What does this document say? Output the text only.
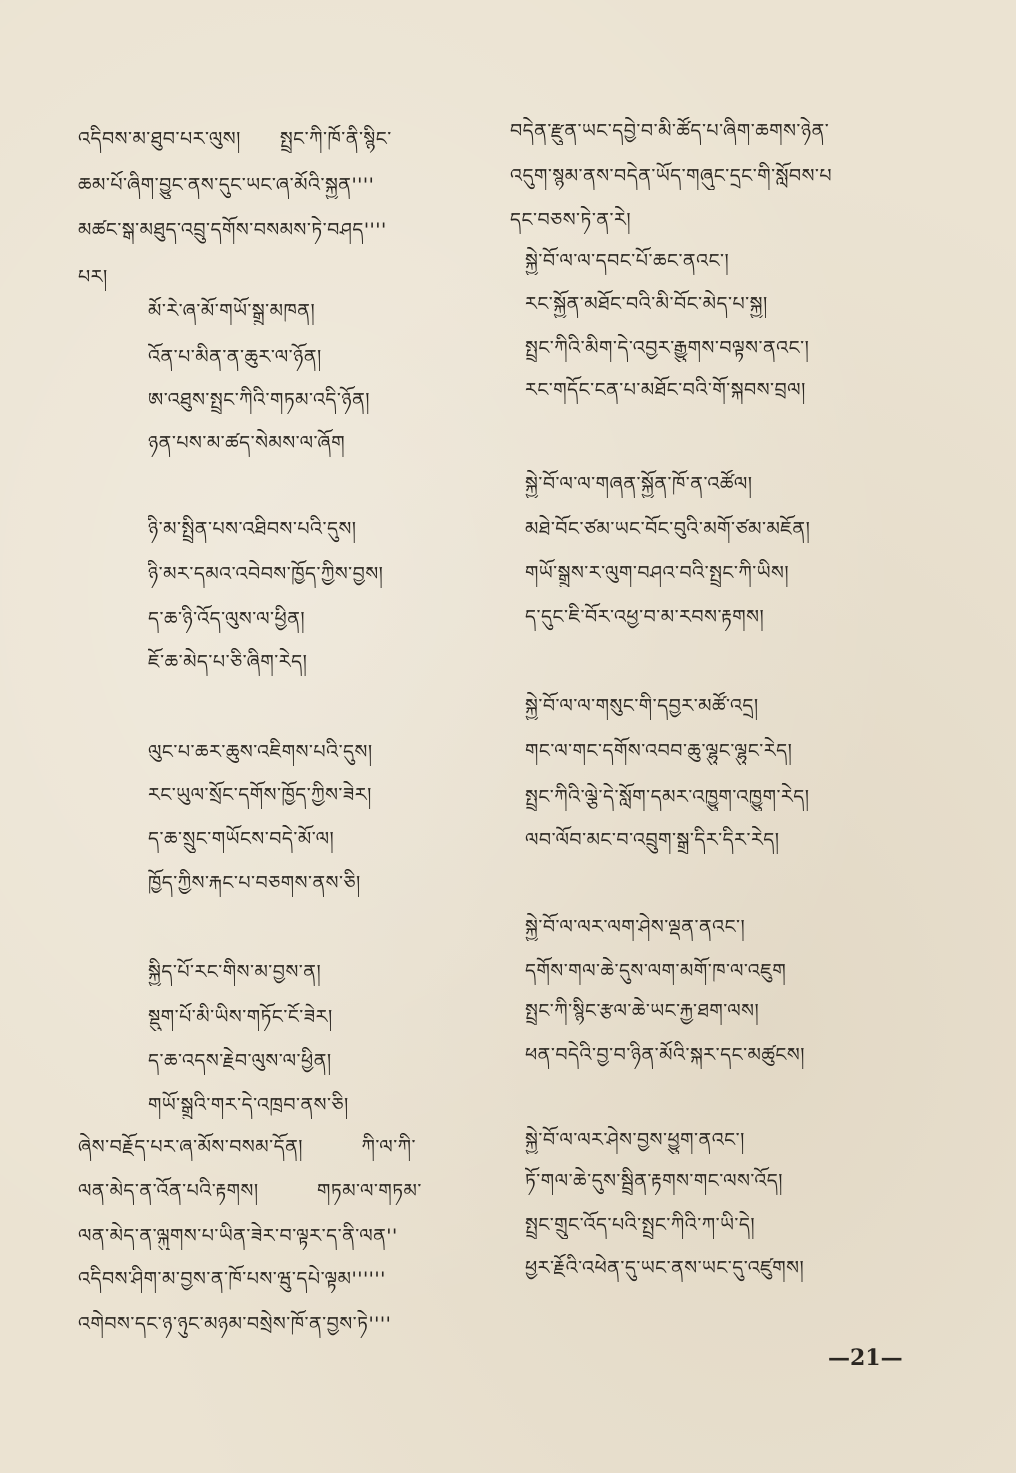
འདིབས་མ་ཐུབ་པར་ལུས།　　སྤྲང་ཀི་ཁོ་ནི་སྙིང་
ཆམ་པོ་ཞིག་བྱུང་ནས་དུང་ཡང་ཞ་མོའི་སྐྱན''''
མཚང་སྒ་མཐུད་འབྲུ་དགོས་བསམས་ཏེ་བཤད''''
པར།
མོ་རེ་ཞ་མོ་གཡོ་སྒྲུ་མཁན།
འོན་པ་མིན་ན་ཆུར་ལ་ཉོན།
ཨ་འཐུས་སྤྲང་ཀིའི་གཏམ་འདི་ཉོན།
ཉན་པས་མ་ཚད་སེམས་ལ་ཞོག
ཉི་མ་སྤྲིན་པས་འཐིབས་པའི་དུས།
ཉི་མར་དམའ་འབེབས་ཁྱོད་ཀྱིས་བྱས།
ད་ཆ་ཉི་འོད་ལུས་ལ་ཕྱིན།
ཇོ་ཆ་མེད་པ་ཅི་ཞིག་རེད།
ལུང་པ་ཆར་ཆུས་འཇིགས་པའི་དུས།
རང་ཡུལ་སྲོང་དགོས་ཁྱོད་ཀྱིས་ཟེར།
ད་ཆ་སྲུང་གཡོངས་བདེ་མོ་ལ།
ཁྱོད་ཀྱིས་རྐང་པ་བཅགས་ནས་ཅི།
སྐྱིད་པོ་རང་གིས་མ་བྱས་ན།
སྡུག་པོ་མི་ཡིས་གཏོང་ངོ་ཟེར།
ད་ཆ་འདས་རྗེབ་ལུས་ལ་ཕྱིན།
གཡོ་སྒྲུའི་གར་དེ་འཁྲབ་ནས་ཅི།
ཞེས་བརྗོད་པར་ཞ་མོས་བསམ་དོན།　　　ཀི་ལ་ཀི་
ལན་མེད་ན་འོན་པའི་རྟགས།　　　གཏམ་ལ་གཏམ་
ལན་མེད་ན་ལྐུགས་པ་ཡིན་ཟེར་བ་ལྟར་ད་ནི་ལན''
འདིབས་ཤིག་མ་བྱས་ན་ཁོ་པས་ཝུ་དཔེ་ལྟམ''''''
འགེབས་དང་ཉ་ཉུང་མཉམ་བསྲེས་ཁོ་ན་བྱས་ཏེ''''
བདེན་རྫུན་ཡང་དབྱེ་བ་མི་ཚོད་པ་ཞིག་ཆགས་ཉེན་
འདུག་སྙམ་ནས་བདེན་ཡོད་གཞུང་དྲང་གི་སློབས་པ
དང་བཅས་ཏེ་ན་རེ།
སྐྱེ་བོ་ལ་ལ་དབང་པོ་ཆང་ནའང་།
རང་སྐྱོན་མཐོང་བའི་མི་བོང་མེད་པ་སྐྱ།
སྤྲང་ཀིའི་མིག་དེ་འབྱར་རྒྱུགས་བལྟས་ནའང་།
རང་གདོང་ངན་པ་མཐོང་བའི་གོ་སྐབས་བྲལ།
སྐྱེ་བོ་ལ་ལ་གཞན་སྐྱོན་ཁོ་ན་འཚོལ།
མཐེ་བོང་ཙམ་ཡང་བོང་བུའི་མགོ་ཙམ་མཇོན།
གཡོ་སྒྲུས་ར་ལུག་བཤའ་བའི་སྤྲང་ཀི་ཡིས།
ད་དུང་ཇི་བོར་འཕྱ་བ་མ་རབས་རྟགས།
སྐྱེ་བོ་ལ་ལ་གསུང་གི་དབྱར་མཚོ་འདྲ།
གང་ལ་གང་དགོས་འབབ་ཆུ་ལྷུང་ལྷུང་རེད།
སྤྲང་ཀིའི་ལྕེ་དེ་སློག་དམར་འཁྱུག་འཁྱུག་རེད།
ལབ་ལོབ་མང་བ་འབྲུག་སྒྲ་དིར་དིར་རེད།
སྐྱེ་བོ་ལ་ལར་ལག་ཤེས་ལྡན་ནའང་།
དགོས་གལ་ཆེ་དུས་ལག་མགོ་ཁ་ལ་འཇུག
སྤྲང་ཀི་སྙིང་རྩལ་ཆེ་ཡང་རྐྱ་ཐག་ལས།
ཕན་བདེའི་བྱ་བ་ཉིན་མོའི་སྐར་དང་མཚུངས།
སྐྱེ་བོ་ལ་ལར་ཤེས་བྱས་ཕྱུག་ནའང་།
ཏོ་གལ་ཆེ་དུས་སྦྲིན་རྟགས་གང་ལས་འོད།
སྤྲང་གྲུང་འོད་པའི་སྤྲང་ཀིའི་ཀ་ཡི་དེ།
ཕྱར་རྗོའི་འཕེན་དུ་ཡང་ནས་ཡང་དུ་འཛུགས།
—21—
